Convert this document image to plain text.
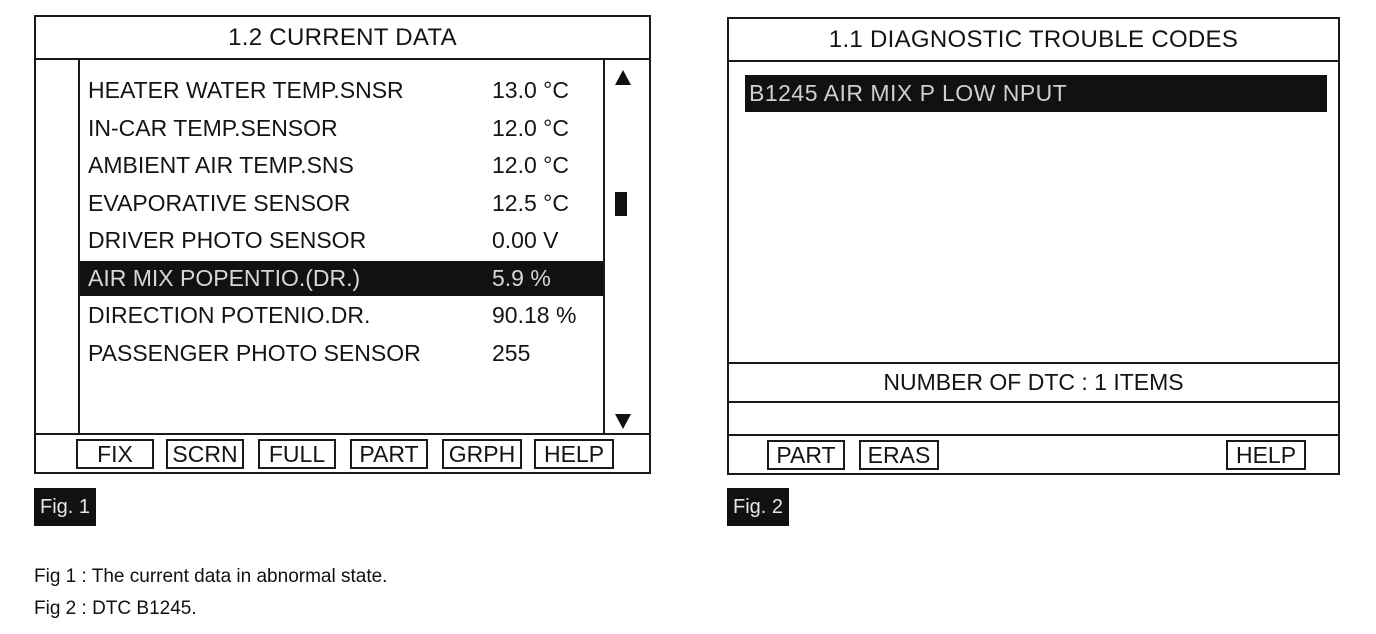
1.2 CURRENT DATA
HEATER WATER TEMP.SNSR	13.0 °C
IN-CAR TEMP.SENSOR	12.0 °C
AMBIENT AIR TEMP.SNS	12.0 °C
EVAPORATIVE SENSOR	12.5 °C
DRIVER PHOTO SENSOR	0.00 V
AIR MIX POPENTIO.(DR.)	5.9 %
DIRECTION POTENIO.DR.	90.18 %
PASSENGER PHOTO SENSOR	255
FIX	SCRN	FULL	PART	GRPH	HELP
Fig. 1
1.1 DIAGNOSTIC TROUBLE CODES
B1245 AIR MIX P LOW NPUT
NUMBER OF DTC : 1 ITEMS
PART	ERAS	HELP
Fig. 2
Fig 1 : The current data in abnormal state.
Fig 2 : DTC B1245.
